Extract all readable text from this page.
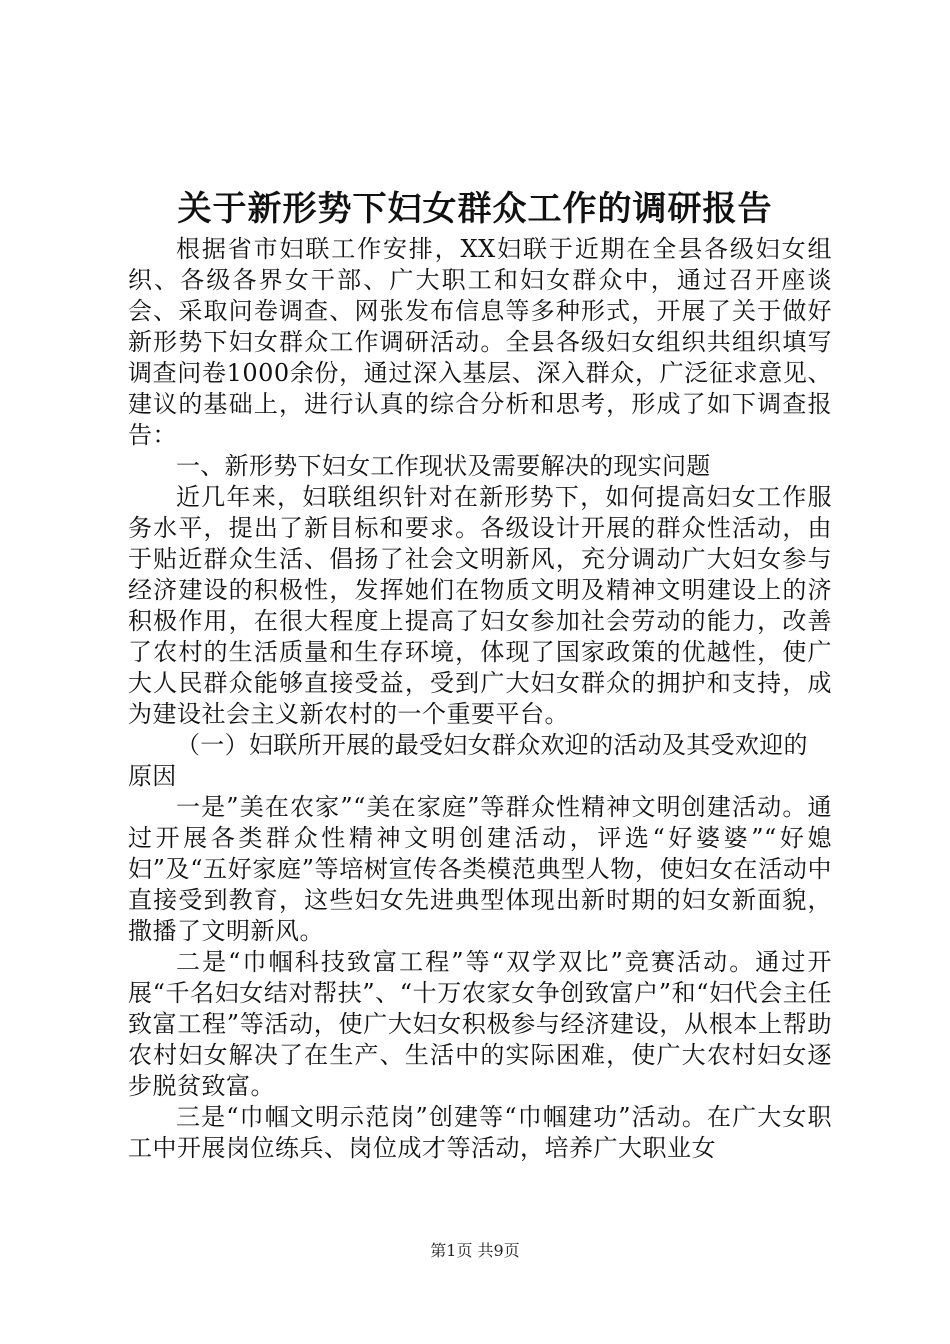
关于新形势下妇女群众工作的调研报告

根据省市妇联工作安排，XX妇联于近期在全县各级妇女组织、各级各界女干部、广大职工和妇女群众中，通过召开座谈会、采取问卷调查、网张发布信息等多种形式，开展了关于做好新形势下妇女群众工作调研活动。全县各级妇女组织共组织填写调查问卷1000余份，通过深入基层、深入群众，广泛征求意见、建议的基础上，进行认真的综合分析和思考，形成了如下调查报告：

一、新形势下妇女工作现状及需要解决的现实问题

近几年来，妇联组织针对在新形势下，如何提高妇女工作服务水平，提出了新目标和要求。各级设计开展的群众性活动，由于贴近群众生活、倡扬了社会文明新风，充分调动广大妇女参与经济建设的积极性，发挥她们在物质文明及精神文明建设上的济积极作用，在很大程度上提高了妇女参加社会劳动的能力，改善了农村的生活质量和生存环境，体现了国家政策的优越性，使广大人民群众能够直接受益，受到广大妇女群众的拥护和支持，成为建设社会主义新农村的一个重要平台。

（一）妇联所开展的最受妇女群众欢迎的活动及其受欢迎的原因

一是”美在农家”“美在家庭”等群众性精神文明创建活动。通过开展各类群众性精神文明创建活动，评选“好婆婆”“好媳妇”及“五好家庭”等培树宣传各类模范典型人物，使妇女在活动中直接受到教育，这些妇女先进典型体现出新时期的妇女新面貌，撒播了文明新风。

二是“巾帼科技致富工程”等“双学双比”竞赛活动。通过开展“千名妇女结对帮扶”、“十万农家女争创致富户”和“妇代会主任致富工程”等活动，使广大妇女积极参与经济建设，从根本上帮助农村妇女解决了在生产、生活中的实际困难，使广大农村妇女逐步脱贫致富。

三是“巾帼文明示范岗”创建等“巾帼建功”活动。在广大女职工中开展岗位练兵、岗位成才等活动，培养广大职业女

第1页 共9页
